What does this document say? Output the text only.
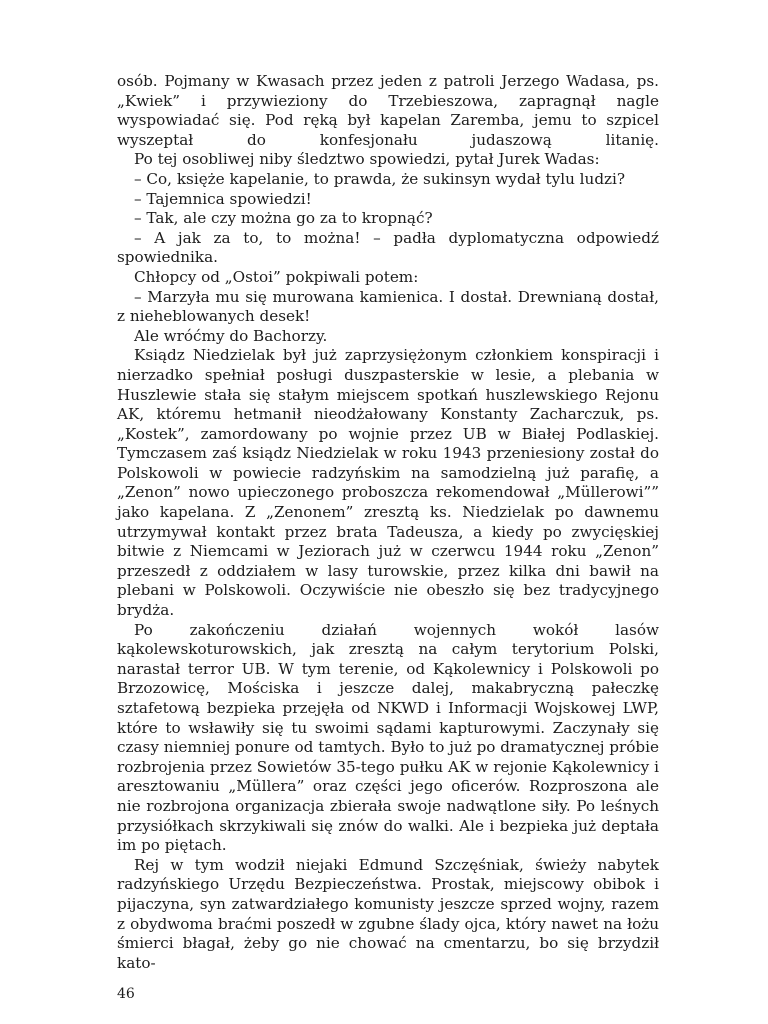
osób. Pojmany w Kwasach przez jeden z patroli Jerzego Wadasa, ps. „Kwiek” i przywieziony do Trzebieszowa, zapragnął nagle wyspowiadać się. Pod ręką był kapelan Zaremba, jemu to szpicel wyszeptał do konfesjonału judaszową litanię.

Po tej osobliwej niby śledztwo spowiedzi, pytał Jurek Wadas:

– Co, księże kapelanie, to prawda, że sukinsyn wydał tylu ludzi?

– Tajemnica spowiedzi!

– Tak, ale czy można go za to kropnąć?

– A jak za to, to można! – padła dyplomatyczna odpowiedź spowiednika.

Chłopcy od „Ostoi” pokpiwali potem:

– Marzyła mu się murowana kamienica. I dostał. Drewnianą dostał, z nieheblowanych desek!

Ale wróćmy do Bachorzy.

Ksiądz Niedzielak był już zaprzysiężonym członkiem konspiracji i nierzadko spełniał posługi duszpasterskie w lesie, a plebania w Huszlewie stała się stałym miejscem spotkań huszlewskiego Rejonu AK, któremu hetmanił nieodżałowany Konstanty Zacharczuk, ps. „Kostek”, zamordowany po wojnie przez UB w Białej Podlaskiej. Tymczasem zaś ksiądz Niedzielak w roku 1943 przeniesiony został do Polskowoli w powiecie radzyńskim na samodzielną już parafię, a „Zenon” nowo upieczonego proboszcza rekomendował „Müllerowi”” jako kapelana. Z „Zenonem” zresztą ks. Niedzielak po dawnemu utrzymywał kontakt przez brata Tadeusza, a kiedy po zwycięskiej bitwie z Niemcami w Jeziorach już w czerwcu 1944 roku „Zenon” przeszedł z oddziałem w lasy turowskie, przez kilka dni bawił na plebani w Polskowoli. Oczywiście nie obeszło się bez tradycyjnego brydża.

Po zakończeniu działań wojennych wokół lasów kąkolewskoturowskich, jak zresztą na całym terytorium Polski, narastał terror UB. W tym terenie, od Kąkolewnicy i Polskowoli po Brzozowicę, Mościska i jeszcze dalej, makabryczną pałeczkę sztafetową bezpieka przejęła od NKWD i Informacji Wojskowej LWP, które to wsławiły się tu swoimi sądami kapturowymi. Zaczynały się czasy niemniej ponure od tamtych. Było to już po dramatycznej próbie rozbrojenia przez Sowietów 35-tego pułku AK w rejonie Kąkolewnicy i aresztowaniu „Müllera” oraz części jego oficerów. Rozproszona ale nie rozbrojona organizacja zbierała swoje nadwątlone siły. Po leśnych przysiółkach skrzykiwali się znów do walki. Ale i bezpieka już deptała im po piętach.

Rej w tym wodził niejaki Edmund Szczęśniak, świeży nabytek radzyńskiego Urzędu Bezpieczeństwa. Prostak, miejscowy obibok i pijaczyna, syn zatwardziałego komunisty jeszcze sprzed wojny, razem z obydwoma braćmi poszedł w zgubne ślady ojca, który nawet na łożu śmierci błagał, żeby go nie chować na cmentarzu, bo się brzydził kato-

46
